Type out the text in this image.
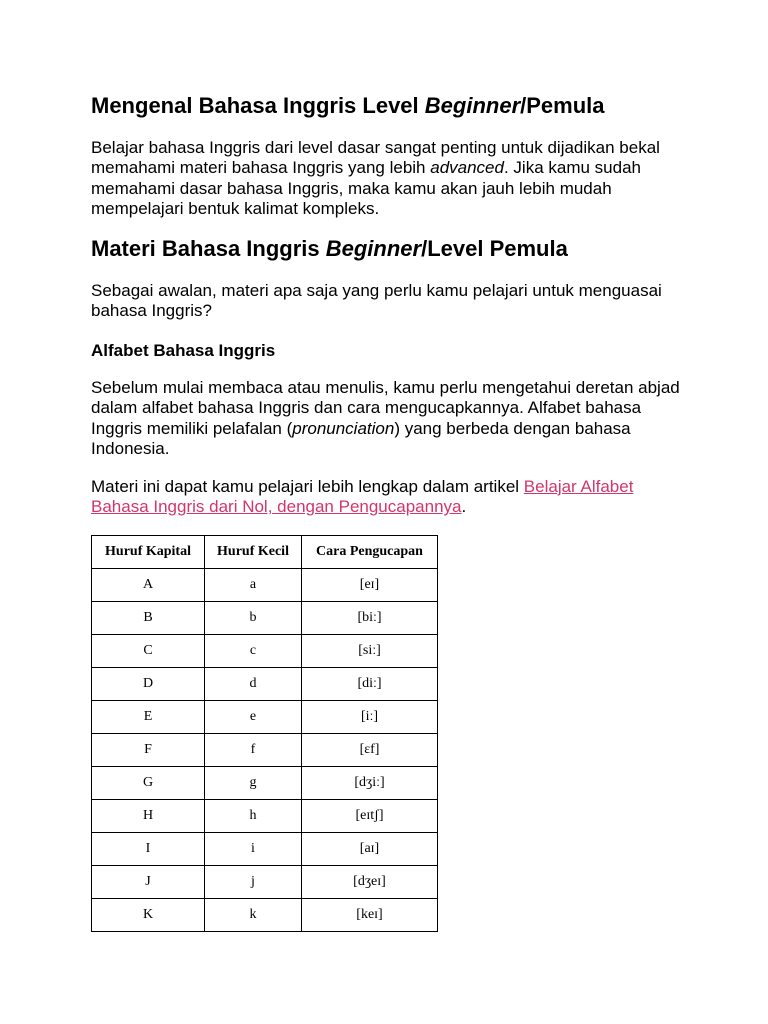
Mengenal Bahasa Inggris Level Beginner/Pemula

Belajar bahasa Inggris dari level dasar sangat penting untuk dijadikan bekal memahami materi bahasa Inggris yang lebih advanced. Jika kamu sudah memahami dasar bahasa Inggris, maka kamu akan jauh lebih mudah mempelajari bentuk kalimat kompleks.

Materi Bahasa Inggris Beginner/Level Pemula

Sebagai awalan, materi apa saja yang perlu kamu pelajari untuk menguasai bahasa Inggris?

Alfabet Bahasa Inggris

Sebelum mulai membaca atau menulis, kamu perlu mengetahui deretan abjad dalam alfabet bahasa Inggris dan cara mengucapkannya. Alfabet bahasa Inggris memiliki pelafalan (pronunciation) yang berbeda dengan bahasa Indonesia.

Materi ini dapat kamu pelajari lebih lengkap dalam artikel Belajar Alfabet Bahasa Inggris dari Nol, dengan Pengucapannya.

Huruf Kapital	Huruf Kecil	Cara Pengucapan
A	a	[eɪ]
B	b	[biː]
C	c	[siː]
D	d	[diː]
E	e	[iː]
F	f	[ɛf]
G	g	[dʒiː]
H	h	[eɪtʃ]
I	i	[aɪ]
J	j	[dʒeɪ]
K	k	[keɪ]
